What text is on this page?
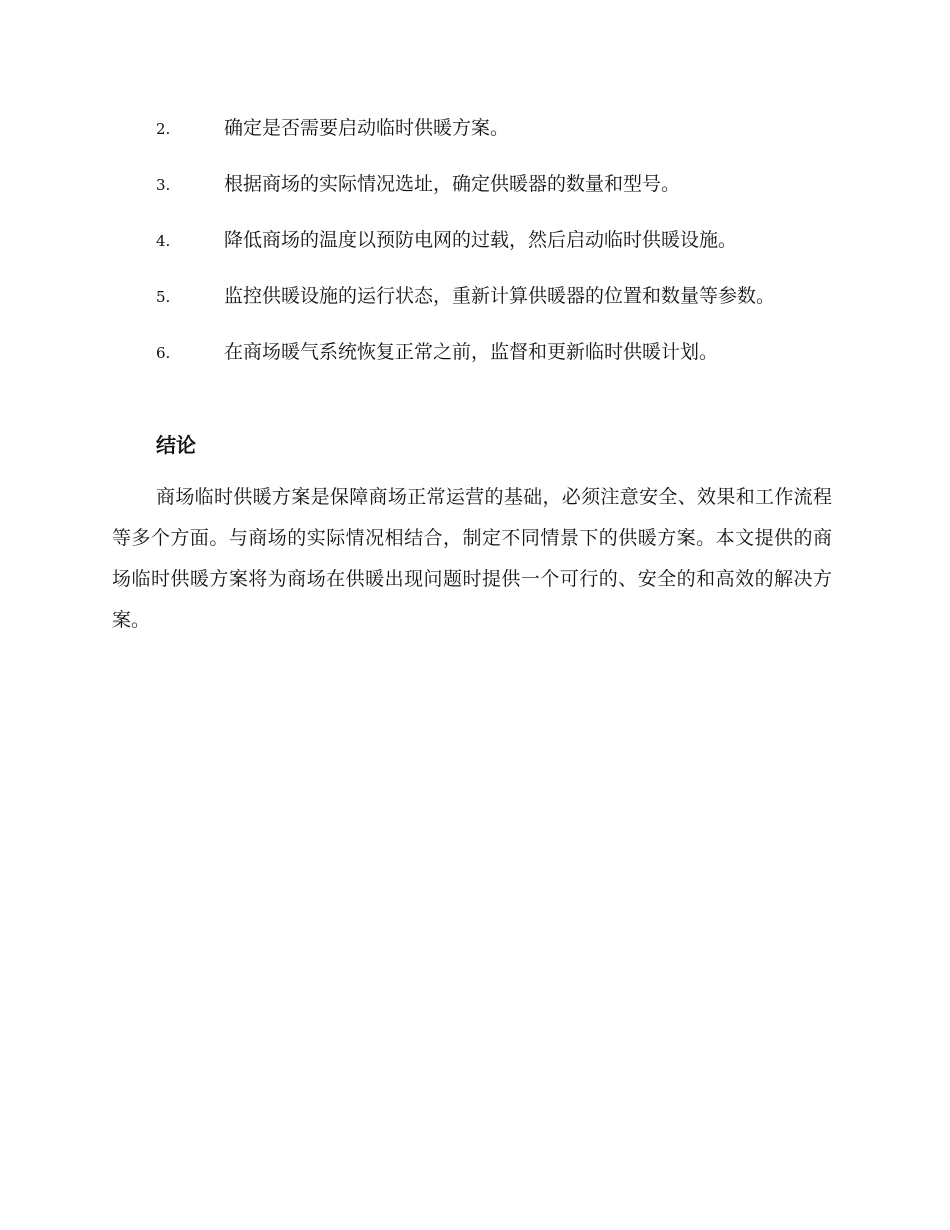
2.	确定是否需要启动临时供暖方案。

3.	根据商场的实际情况选址，确定供暖器的数量和型号。

4.	降低商场的温度以预防电网的过载，然后启动临时供暖设施。

5.	监控供暖设施的运行状态，重新计算供暖器的位置和数量等参数。

6.	在商场暖气系统恢复正常之前，监督和更新临时供暖计划。

结论

商场临时供暖方案是保障商场正常运营的基础，必须注意安全、效果和工作流程等多个方面。与商场的实际情况相结合，制定不同情景下的供暖方案。本文提供的商场临时供暖方案将为商场在供暖出现问题时提供一个可行的、安全的和高效的解决方案。
